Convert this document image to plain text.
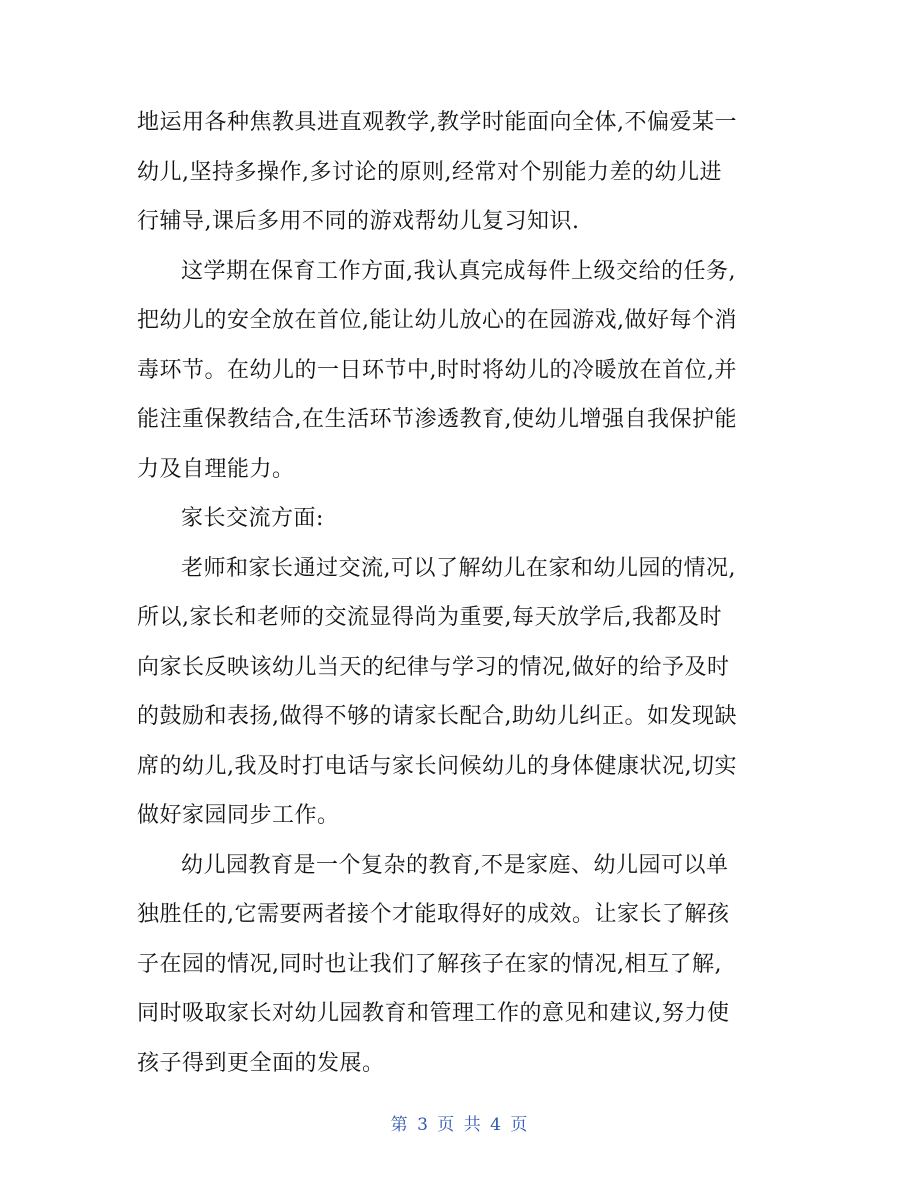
地运用各种焦教具进直观教学,教学时能面向全体,不偏爱某一
幼儿,坚持多操作,多讨论的原则,经常对个别能力差的幼儿进
行辅导,课后多用不同的游戏帮幼儿复习知识.
这学期在保育工作方面,我认真完成每件上级交给的任务,
把幼儿的安全放在首位,能让幼儿放心的在园游戏,做好每个消
毒环节。在幼儿的一日环节中,时时将幼儿的冷暖放在首位,并
能注重保教结合,在生活环节渗透教育,使幼儿增强自我保护能
力及自理能力。
家长交流方面:
老师和家长通过交流,可以了解幼儿在家和幼儿园的情况,
所以,家长和老师的交流显得尚为重要,每天放学后,我都及时
向家长反映该幼儿当天的纪律与学习的情况,做好的给予及时
的鼓励和表扬,做得不够的请家长配合,助幼儿纠正。如发现缺
席的幼儿,我及时打电话与家长问候幼儿的身体健康状况,切实
做好家园同步工作。
幼儿园教育是一个复杂的教育,不是家庭、幼儿园可以单
独胜任的,它需要两者接个才能取得好的成效。让家长了解孩
子在园的情况,同时也让我们了解孩子在家的情况,相互了解,
同时吸取家长对幼儿园教育和管理工作的意见和建议,努力使
孩子得到更全面的发展。
第 3 页 共 4 页
